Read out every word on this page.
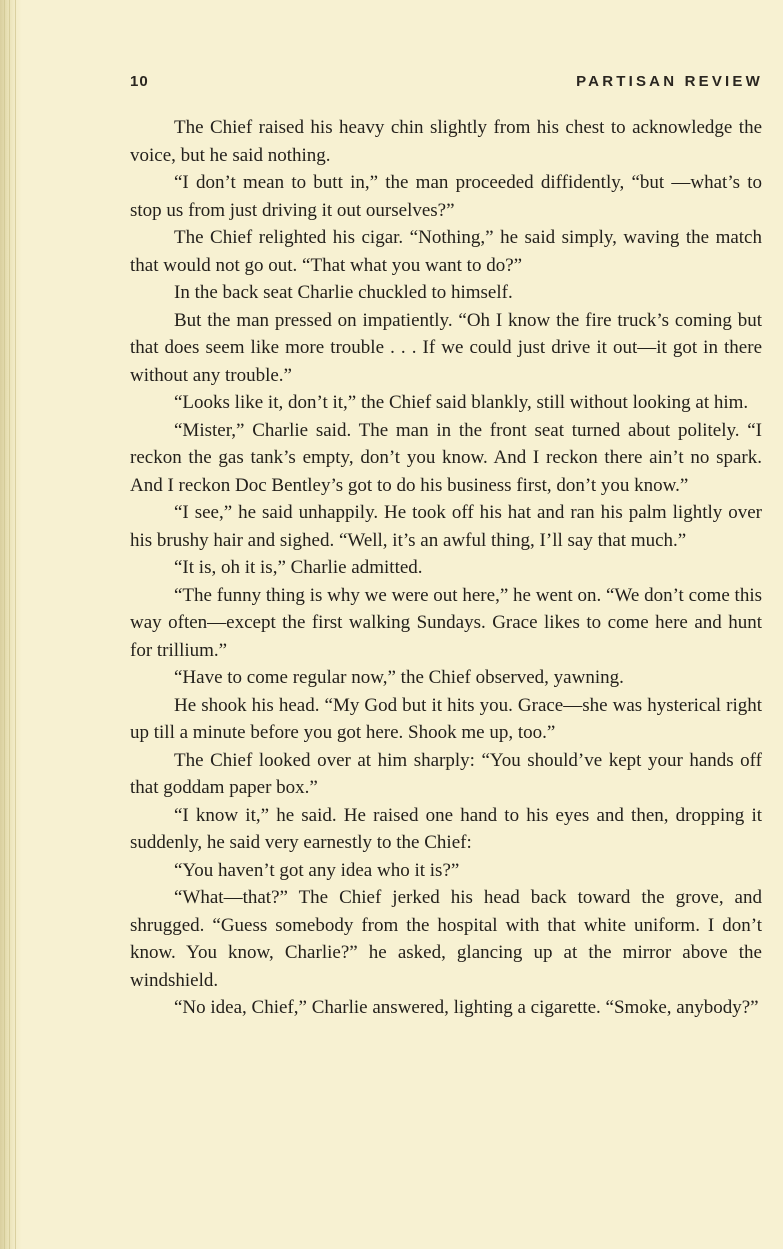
10	PARTISAN REVIEW

The Chief raised his heavy chin slightly from his chest to acknowledge the voice, but he said nothing.

“I don’t mean to butt in,” the man proceeded diffidently, “but —what’s to stop us from just driving it out ourselves?”

The Chief relighted his cigar. “Nothing,” he said simply, waving the match that would not go out. “That what you want to do?”

In the back seat Charlie chuckled to himself.

But the man pressed on impatiently. “Oh I know the fire truck’s coming but that does seem like more trouble . . . If we could just drive it out—it got in there without any trouble.”

“Looks like it, don’t it,” the Chief said blankly, still without looking at him.

“Mister,” Charlie said. The man in the front seat turned about politely. “I reckon the gas tank’s empty, don’t you know. And I reckon there ain’t no spark. And I reckon Doc Bentley’s got to do his business first, don’t you know.”

“I see,” he said unhappily. He took off his hat and ran his palm lightly over his brushy hair and sighed. “Well, it’s an awful thing, I’ll say that much.”

“It is, oh it is,” Charlie admitted.

“The funny thing is why we were out here,” he went on. “We don’t come this way often—except the first walking Sundays. Grace likes to come here and hunt for trillium.”

“Have to come regular now,” the Chief observed, yawning.

He shook his head. “My God but it hits you. Grace—she was hysterical right up till a minute before you got here. Shook me up, too.”

The Chief looked over at him sharply: “You should’ve kept your hands off that goddam paper box.”

“I know it,” he said. He raised one hand to his eyes and then, dropping it suddenly, he said very earnestly to the Chief:

“You haven’t got any idea who it is?”

“What—that?” The Chief jerked his head back toward the grove, and shrugged. “Guess somebody from the hospital with that white uniform. I don’t know. You know, Charlie?” he asked, glancing up at the mirror above the windshield.

“No idea, Chief,” Charlie answered, lighting a cigarette. “Smoke, anybody?”
